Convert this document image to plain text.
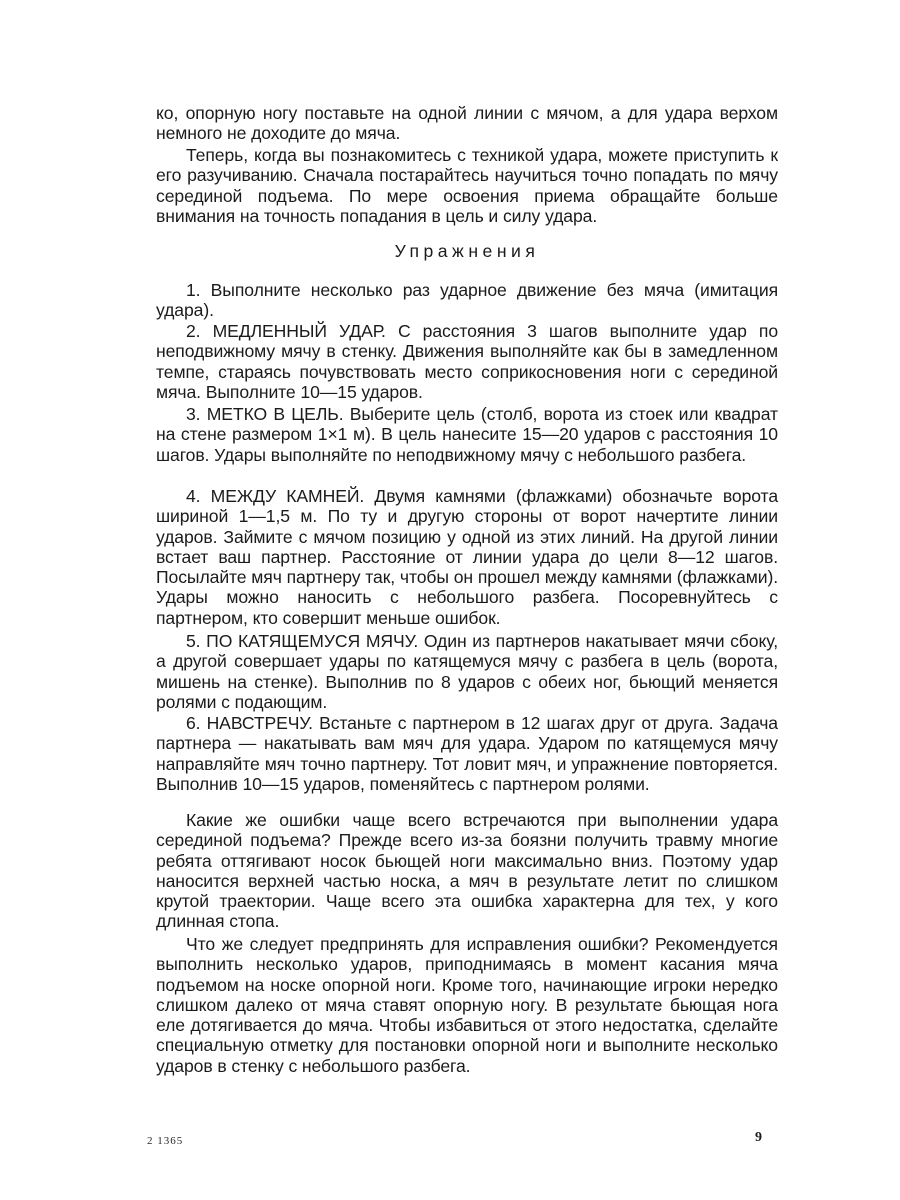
ко, опорную ногу поставьте на одной линии с мячом, а для удара верхом немного не доходите до мяча.

Теперь, когда вы познакомитесь с техникой удара, можете приступить к его разучиванию. Сначала постарайтесь научиться точно попадать по мячу серединой подъема. По мере освоения приема обращайте больше внимания на точность попадания в цель и силу удара.

Упражнения

1. Выполните несколько раз ударное движение без мяча (имитация удара).

2. МЕДЛЕННЫЙ УДАР. С расстояния 3 шагов выполните удар по неподвижному мячу в стенку. Движения выполняйте как бы в замедленном темпе, стараясь почувствовать место соприкосновения ноги с серединой мяча. Выполните 10—15 ударов.

3. МЕТКО В ЦЕЛЬ. Выберите цель (столб, ворота из стоек или квадрат на стене размером 1×1 м). В цель нанесите 15—20 ударов с расстояния 10 шагов. Удары выполняйте по неподвижному мячу с небольшого разбега.

4. МЕЖДУ КАМНЕЙ. Двумя камнями (флажками) обозначьте ворота шириной 1—1,5 м. По ту и другую стороны от ворот начертите линии ударов. Займите с мячом позицию у одной из этих линий. На другой линии встает ваш партнер. Расстояние от линии удара до цели 8—12 шагов. Посылайте мяч партнеру так, чтобы он прошел между камнями (флажками). Удары можно наносить с небольшого разбега. Посоревнуйтесь с партнером, кто совершит меньше ошибок.

5. ПО КАТЯЩЕМУСЯ МЯЧУ. Один из партнеров накатывает мячи сбоку, а другой совершает удары по катящемуся мячу с разбега в цель (ворота, мишень на стенке). Выполнив по 8 ударов с обеих ног, бьющий меняется ролями с подающим.

6. НАВСТРЕЧУ. Встаньте с партнером в 12 шагах друг от друга. Задача партнера — накатывать вам мяч для удара. Ударом по катящемуся мячу направляйте мяч точно партнеру. Тот ловит мяч, и упражнение повторяется. Выполнив 10—15 ударов, поменяйтесь с партнером ролями.

Какие же ошибки чаще всего встречаются при выполнении удара серединой подъема? Прежде всего из-за боязни получить травму многие ребята оттягивают носок бьющей ноги максимально вниз. Поэтому удар наносится верхней частью носка, а мяч в результате летит по слишком крутой траектории. Чаще всего эта ошибка характерна для тех, у кого длинная стопа.

Что же следует предпринять для исправления ошибки? Рекомендуется выполнить несколько ударов, приподнимаясь в момент касания мяча подъемом на носке опорной ноги. Кроме того, начинающие игроки нередко слишком далеко от мяча ставят опорную ногу. В результате бьющая нога еле дотягивается до мяча. Чтобы избавиться от этого недостатка, сделайте специальную отметку для постановки опорной ноги и выполните несколько ударов в стенку с небольшого разбега.

2 1365	9
